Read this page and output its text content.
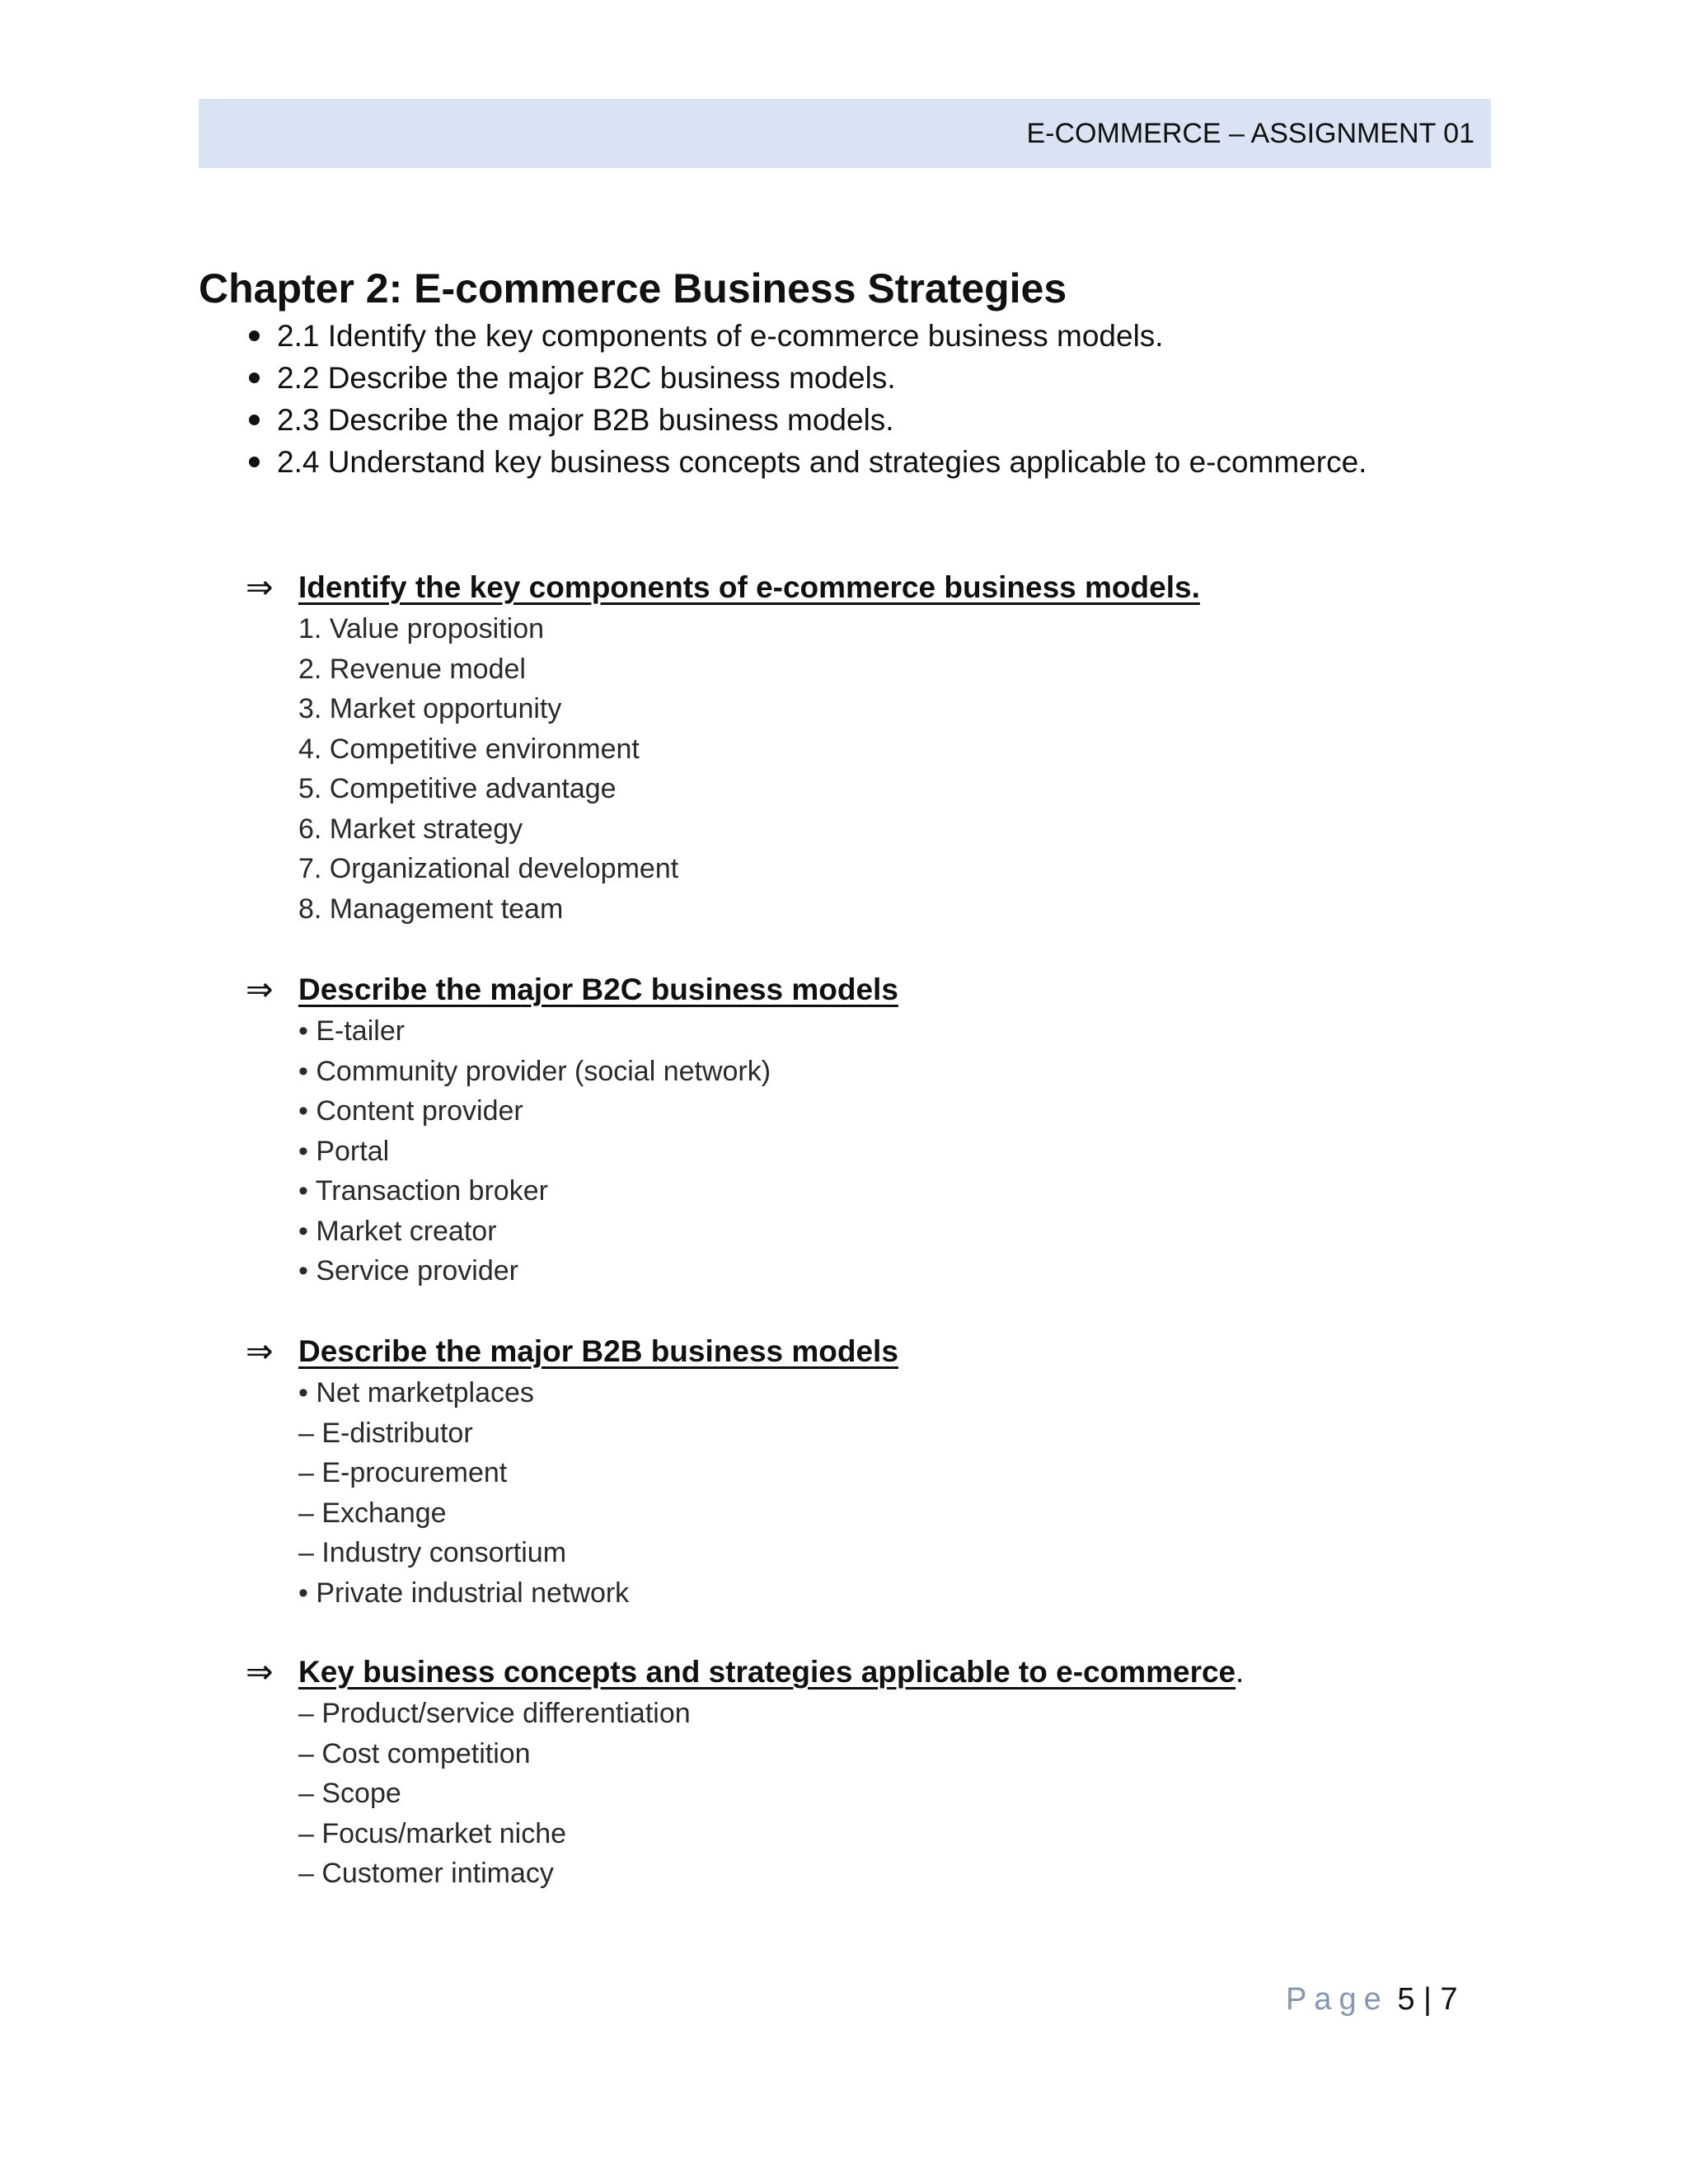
E-COMMERCE – ASSIGNMENT 01
Chapter 2: E-commerce Business Strategies
2.1 Identify the key components of e-commerce business models.
2.2 Describe the major B2C business models.
2.3 Describe the major B2B business models.
2.4 Understand key business concepts and strategies applicable to e-commerce.
⇒ Identify the key components of e-commerce business models.
1. Value proposition
2. Revenue model
3. Market opportunity
4. Competitive environment
5. Competitive advantage
6. Market strategy
7. Organizational development
8. Management team
⇒ Describe the major B2C business models
• E-tailer
• Community provider (social network)
• Content provider
• Portal
• Transaction broker
• Market creator
• Service provider
⇒ Describe the major B2B business models
• Net marketplaces
– E-distributor
– E-procurement
– Exchange
– Industry consortium
• Private industrial network
⇒ Key business concepts and strategies applicable to e-commerce .
– Product/service differentiation
– Cost competition
– Scope
– Focus/market niche
– Customer intimacy
Page 5 | 7
